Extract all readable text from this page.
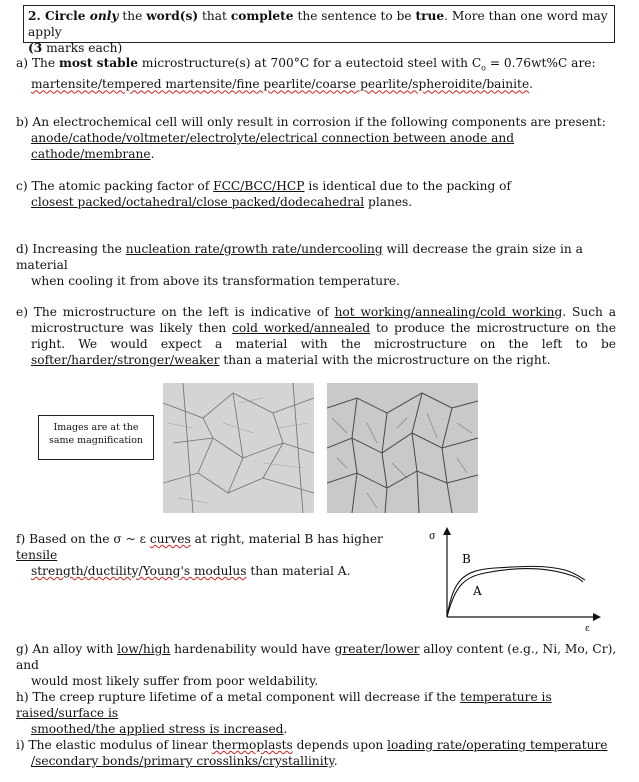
2. Circle only the word(s) that complete the sentence to be true. More than one word may apply
(3 marks each)
a) The most stable microstructure(s) at 700°C for a eutectoid steel with $C_o = 0.76wt\%C$ are:
martensite/tempered martensite/fine pearlite/coarse pearlite/spheroidite/bainite.
b) An electrochemical cell will only result in corrosion if the following components are present:
anode/cathode/voltmeter/electrolyte/electrical connection between anode and cathode/membrane.
c) The atomic packing factor of FCC/BCC/HCP is identical due to the packing of
closest packed/octahedral/close packed/dodecahedral planes.
d) Increasing the nucleation rate/growth rate/undercooling will decrease the grain size in a material
when cooling it from above its transformation temperature.
e) The microstructure on the left is indicative of hot working/annealing/cold working. Such a microstructure was likely then cold worked/annealed to produce the microstructure on the right. We would expect a material with the microstructure on the left to be softer/harder/stronger/weaker than a material with the microstructure on the right.
Images are at the
same magnification
f) Based on the σ ~ ε curves at right, material B has higher tensile
strength/ductility/Young's modulus than material A.
σ
ε
B
A
g) An alloy with low/high hardenability would have greater/lower alloy content (e.g., Ni, Mo, Cr), and
would most likely suffer from poor weldability.
h) The creep rupture lifetime of a metal component will decrease if the temperature is raised/surface is
smoothed/the applied stress is increased.
i) The elastic modulus of linear thermoplasts depends upon loading rate/operating temperature
/secondary bonds/primary crosslinks/crystallinity.
